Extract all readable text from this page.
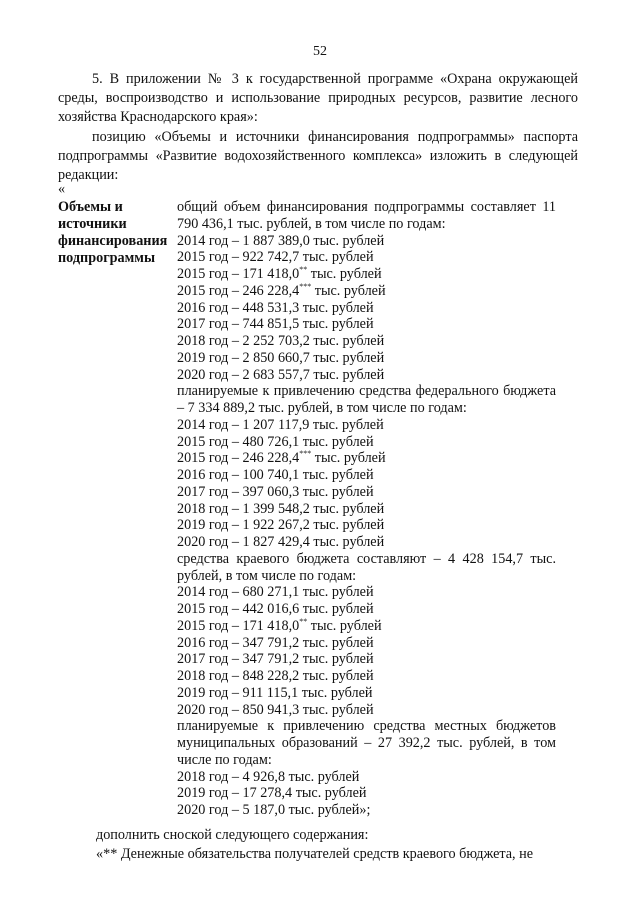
52
5. В приложении № 3 к государственной программе «Охрана окружающей среды, воспроизводство и использование природных ресурсов, развитие лесного хозяйства Краснодарского края»:
позицию «Объемы и источники финансирования подпрограммы» паспорта подпрограммы «Развитие водохозяйственного комплекса» изложить в следующей редакции:
«
Объемы и
источники
финансирования
подпрограммы
общий объем финансирования подпрограммы составляет 11 790 436,1 тыс. рублей, в том числе по годам:
2014 год – 1 887 389,0 тыс. рублей
2015 год – 922 742,7 тыс. рублей
2015 год – 171 418,0** тыс. рублей
2015 год – 246 228,4*** тыс. рублей
2016 год – 448 531,3 тыс. рублей
2017 год – 744 851,5 тыс. рублей
2018 год – 2 252 703,2 тыс. рублей
2019 год – 2 850 660,7 тыс. рублей
2020 год – 2 683 557,7 тыс. рублей
планируемые к привлечению средства федерального бюджета – 7 334 889,2 тыс. рублей, в том числе по годам:
2014 год – 1 207 117,9 тыс. рублей
2015 год – 480 726,1 тыс. рублей
2015 год – 246 228,4*** тыс. рублей
2016 год – 100 740,1 тыс. рублей
2017 год – 397 060,3 тыс. рублей
2018 год – 1 399 548,2 тыс. рублей
2019 год – 1 922 267,2 тыс. рублей
2020 год – 1 827 429,4 тыс. рублей
средства краевого бюджета составляют – 4 428 154,7 тыс. рублей, в том числе по годам:
2014 год – 680 271,1 тыс. рублей
2015 год – 442 016,6 тыс. рублей
2015 год – 171 418,0** тыс. рублей
2016 год – 347 791,2 тыс. рублей
2017 год – 347 791,2 тыс. рублей
2018 год – 848 228,2 тыс. рублей
2019 год – 911 115,1 тыс. рублей
2020 год – 850 941,3 тыс. рублей
планируемые к привлечению средства местных бюджетов муниципальных образований – 27 392,2 тыс. рублей, в том числе по годам:
2018 год – 4 926,8 тыс. рублей
2019 год – 17 278,4 тыс. рублей
2020 год – 5 187,0 тыс. рублей»;
дополнить сноской следующего содержания:
«** Денежные обязательства получателей средств краевого бюджета, не
